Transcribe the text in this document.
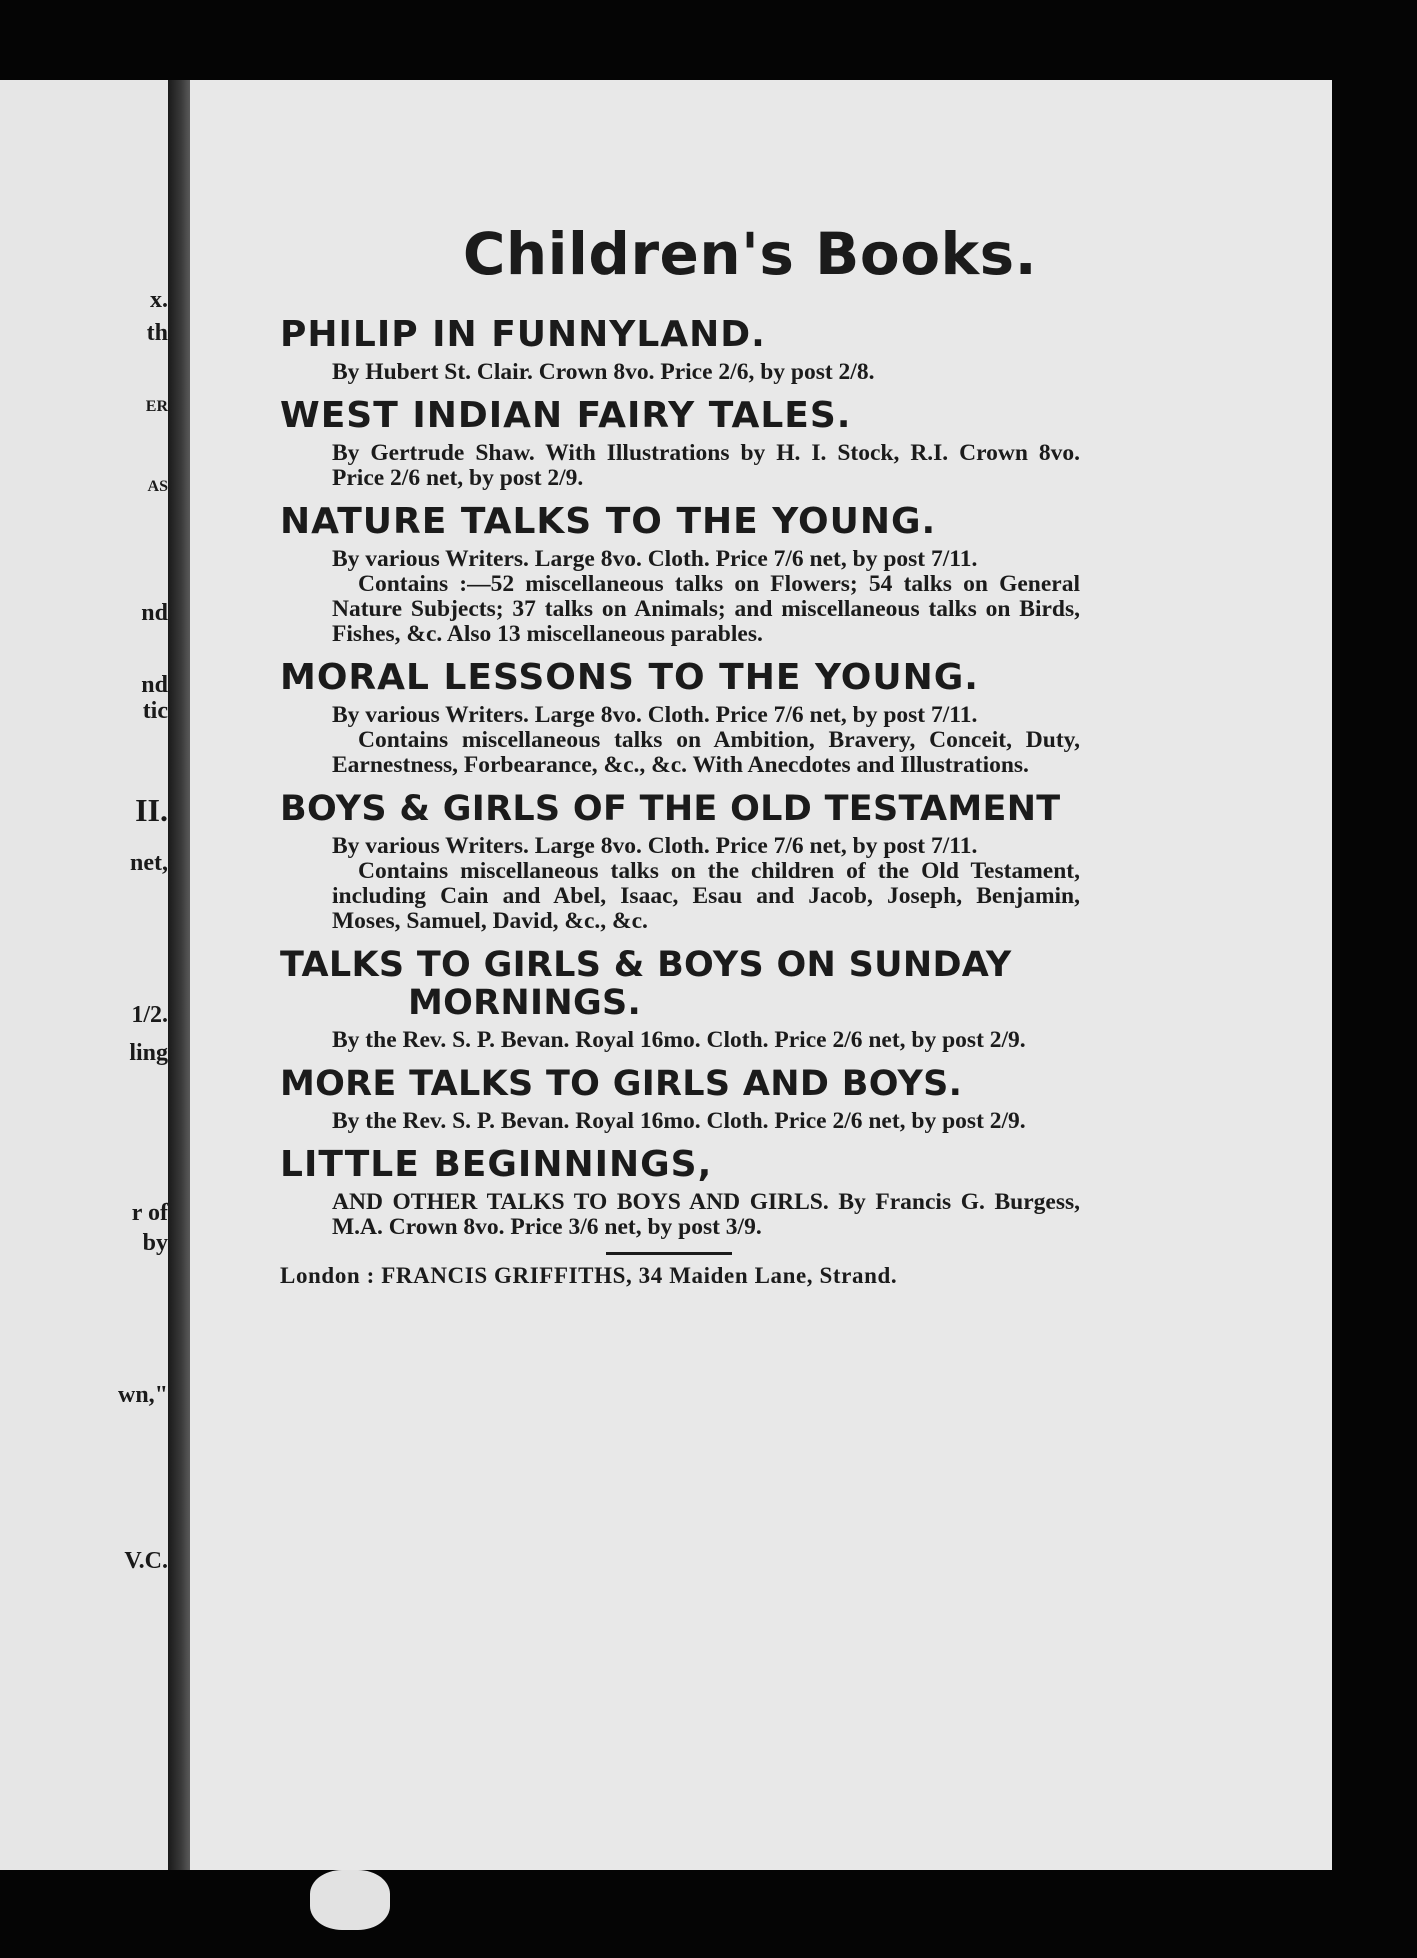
x.
th
ER
AS
nd
nd
tic
II.
net,
1/2.
ling
r of
by
wn,"
V.C.
Children's Books.
PHILIP IN FUNNYLAND.
By Hubert St. Clair. Crown 8vo. Price 2/6, by post 2/8.
WEST INDIAN FAIRY TALES.
By Gertrude Shaw. With Illustrations by H. I. Stock, R.I. Crown 8vo. Price 2/6 net, by post 2/9.
NATURE TALKS TO THE YOUNG.
By various Writers. Large 8vo. Cloth. Price 7/6 net, by post 7/11.
Contains :—52 miscellaneous talks on Flowers; 54 talks on General Nature Subjects; 37 talks on Animals; and miscellaneous talks on Birds, Fishes, &c. Also 13 miscellaneous parables.
MORAL LESSONS TO THE YOUNG.
By various Writers. Large 8vo. Cloth. Price 7/6 net, by post 7/11.
Contains miscellaneous talks on Ambition, Bravery, Conceit, Duty, Earnestness, Forbearance, &c., &c. With Anecdotes and Illustrations.
BOYS & GIRLS OF THE OLD TESTAMENT
By various Writers. Large 8vo. Cloth. Price 7/6 net, by post 7/11.
Contains miscellaneous talks on the children of the Old Testament, including Cain and Abel, Isaac, Esau and Jacob, Joseph, Benjamin, Moses, Samuel, David, &c., &c.
TALKS TO GIRLS & BOYS ON SUNDAY
MORNINGS.
By the Rev. S. P. Bevan. Royal 16mo. Cloth. Price 2/6 net, by post 2/9.
MORE TALKS TO GIRLS AND BOYS.
By the Rev. S. P. Bevan. Royal 16mo. Cloth. Price 2/6 net, by post 2/9.
LITTLE BEGINNINGS,
AND OTHER TALKS TO BOYS AND GIRLS. By Francis G. Burgess, M.A. Crown 8vo. Price 3/6 net, by post 3/9.
London : FRANCIS GRIFFITHS, 34 Maiden Lane, Strand.
